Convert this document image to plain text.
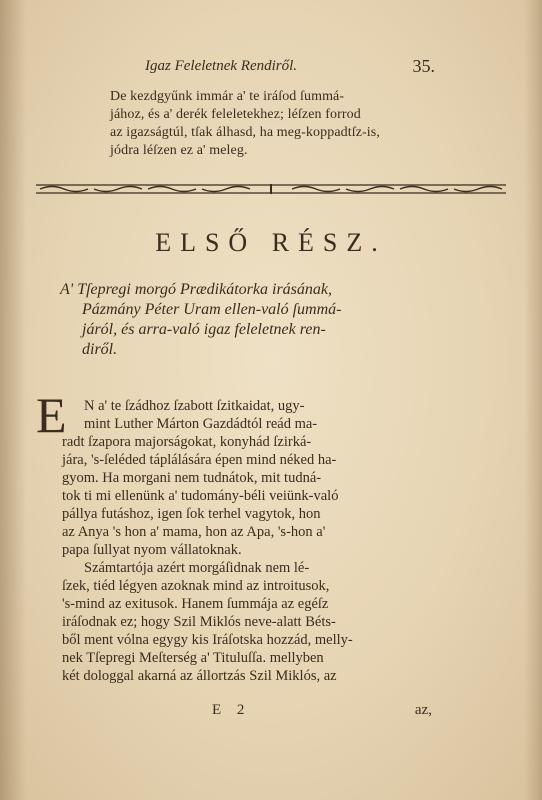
Igaz Feleletnek Rendiről.	35.
De kezdgyűnk immár a' te iráſod ſummá-
jához, és a' derék feleletekhez; léſzen forrod
az igazságtúl, tſak álhasd, ha meg-koppadtſz-is,
jódra léſzen ez a' meleg.
ELSŐ RÉSZ.
A' Tſepregi morgó Prædikátorka irásának,
Pázmány Péter Uram ellen-való ſummá-
járól, és arra-való igaz feleletnek ren-
diről.
E N a' te ſzádhoz ſzabott ſzitkaidat, ugy-
mint Luther Márton Gazdádtól reád ma-
radt ſzapora majorságokat, konyhád ſzirká-
jára, 's-ſeléded táplálására épen mind néked ha-
gyom. Ha morgani nem tudnátok, mit tudná-
tok ti mi ellenünk a' tudomány-béli veiünk-való
pállya futáshoz, igen ſok terhel vagytok, hon
az Anya 's hon a' mama, hon az Apa, 's-hon a'
papa ſullyat nyom vállatoknak.
Számtartója azért morgáſidnak nem lé-
ſzek, tiéd légyen azoknak mind az introitusok,
's-mind az exitusok. Hanem ſummája az egéſz
iráſodnak ez; hogy Szil Miklós neve-alatt Béts-
ből ment vólna egygy kis Iráſotska hozzád, melly-
nek Tſepregi Meſterség a' Tituluſſa. mellyben
két dologgal akarná az állortzás Szil Miklós, az
E 2	az,
